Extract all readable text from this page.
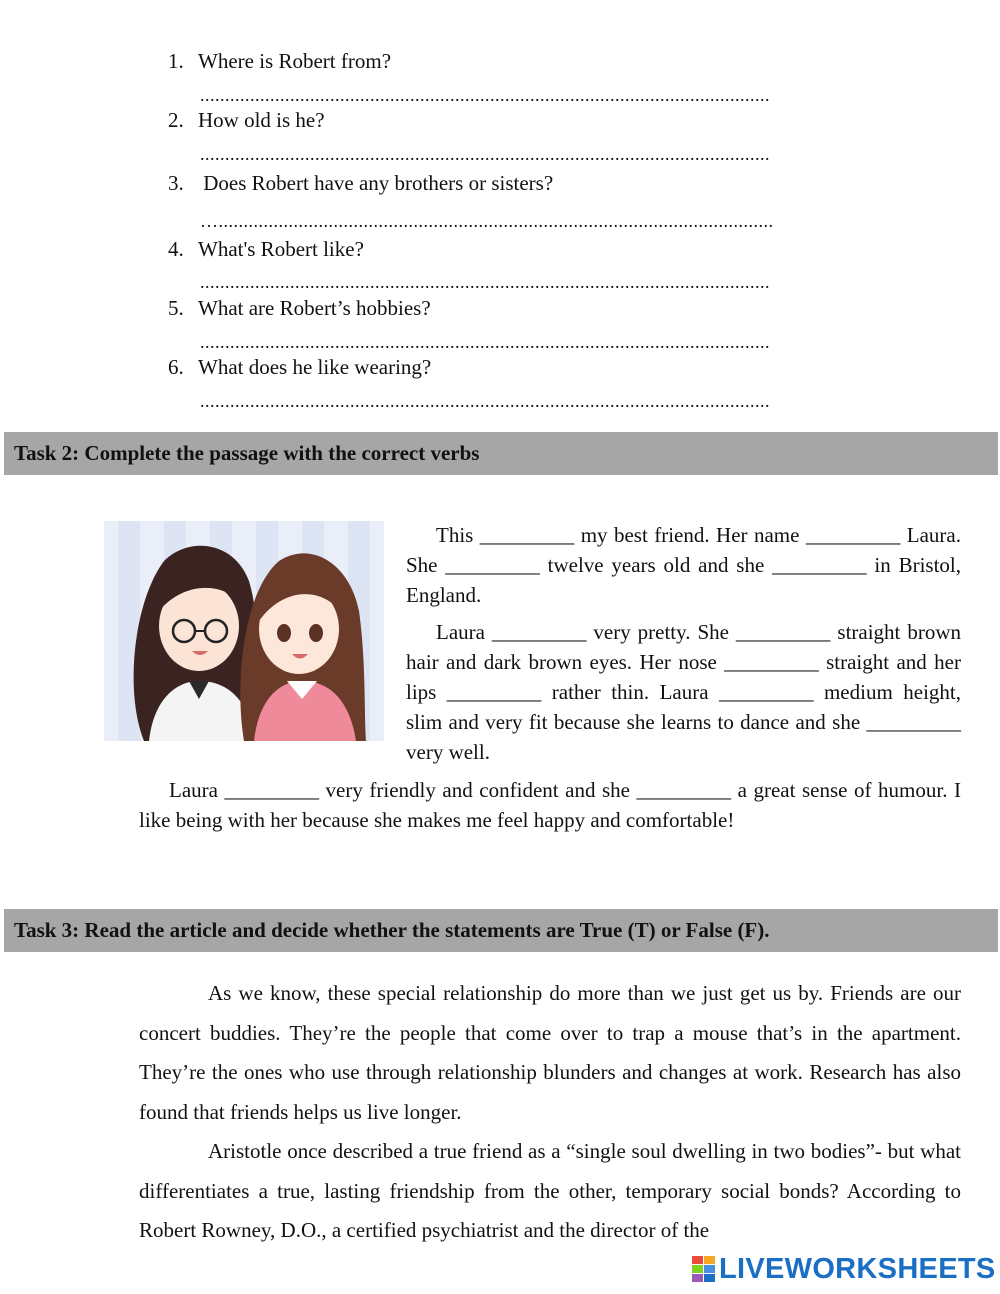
1. Where is Robert from?
..................................................................................................................
2. How old is he?
..................................................................................................................
3. Does Robert have any brothers or sisters?
…...............................................................................................................
4. What's Robert like?
..................................................................................................................
5. What are Robert’s hobbies?
..................................................................................................................
6. What does he like wearing?
..................................................................................................................
Task 2: Complete the passage with the correct verbs
This _________ my best friend. Her name _________ Laura. She _________ twelve years old and she _________ in Bristol, England.
Laura _________ very pretty. She _________ straight brown hair and dark brown eyes. Her nose _________ straight and her lips _________ rather thin. Laura _________ medium height, slim and very fit because she learns to dance and she _________ very well.
Laura _________ very friendly and confident and she _________ a great sense of humour. I like being with her because she makes me feel happy and comfortable!
Task 3: Read the article and decide whether the statements are True (T) or False (F).
As we know, these special relationship do more than we just get us by. Friends are our concert buddies. They’re the people that come over to trap a mouse that’s in the apartment. They’re the ones who use through relationship blunders and changes at work. Research has also found that friends helps us live longer.
Aristotle once described a true friend as a “single soul dwelling in two bodies”- but what differentiates a true, lasting friendship from the other, temporary social bonds? According to Robert Rowney, D.O., a certified psychiatrist and the director of the
LIVEWORKSHEETS
